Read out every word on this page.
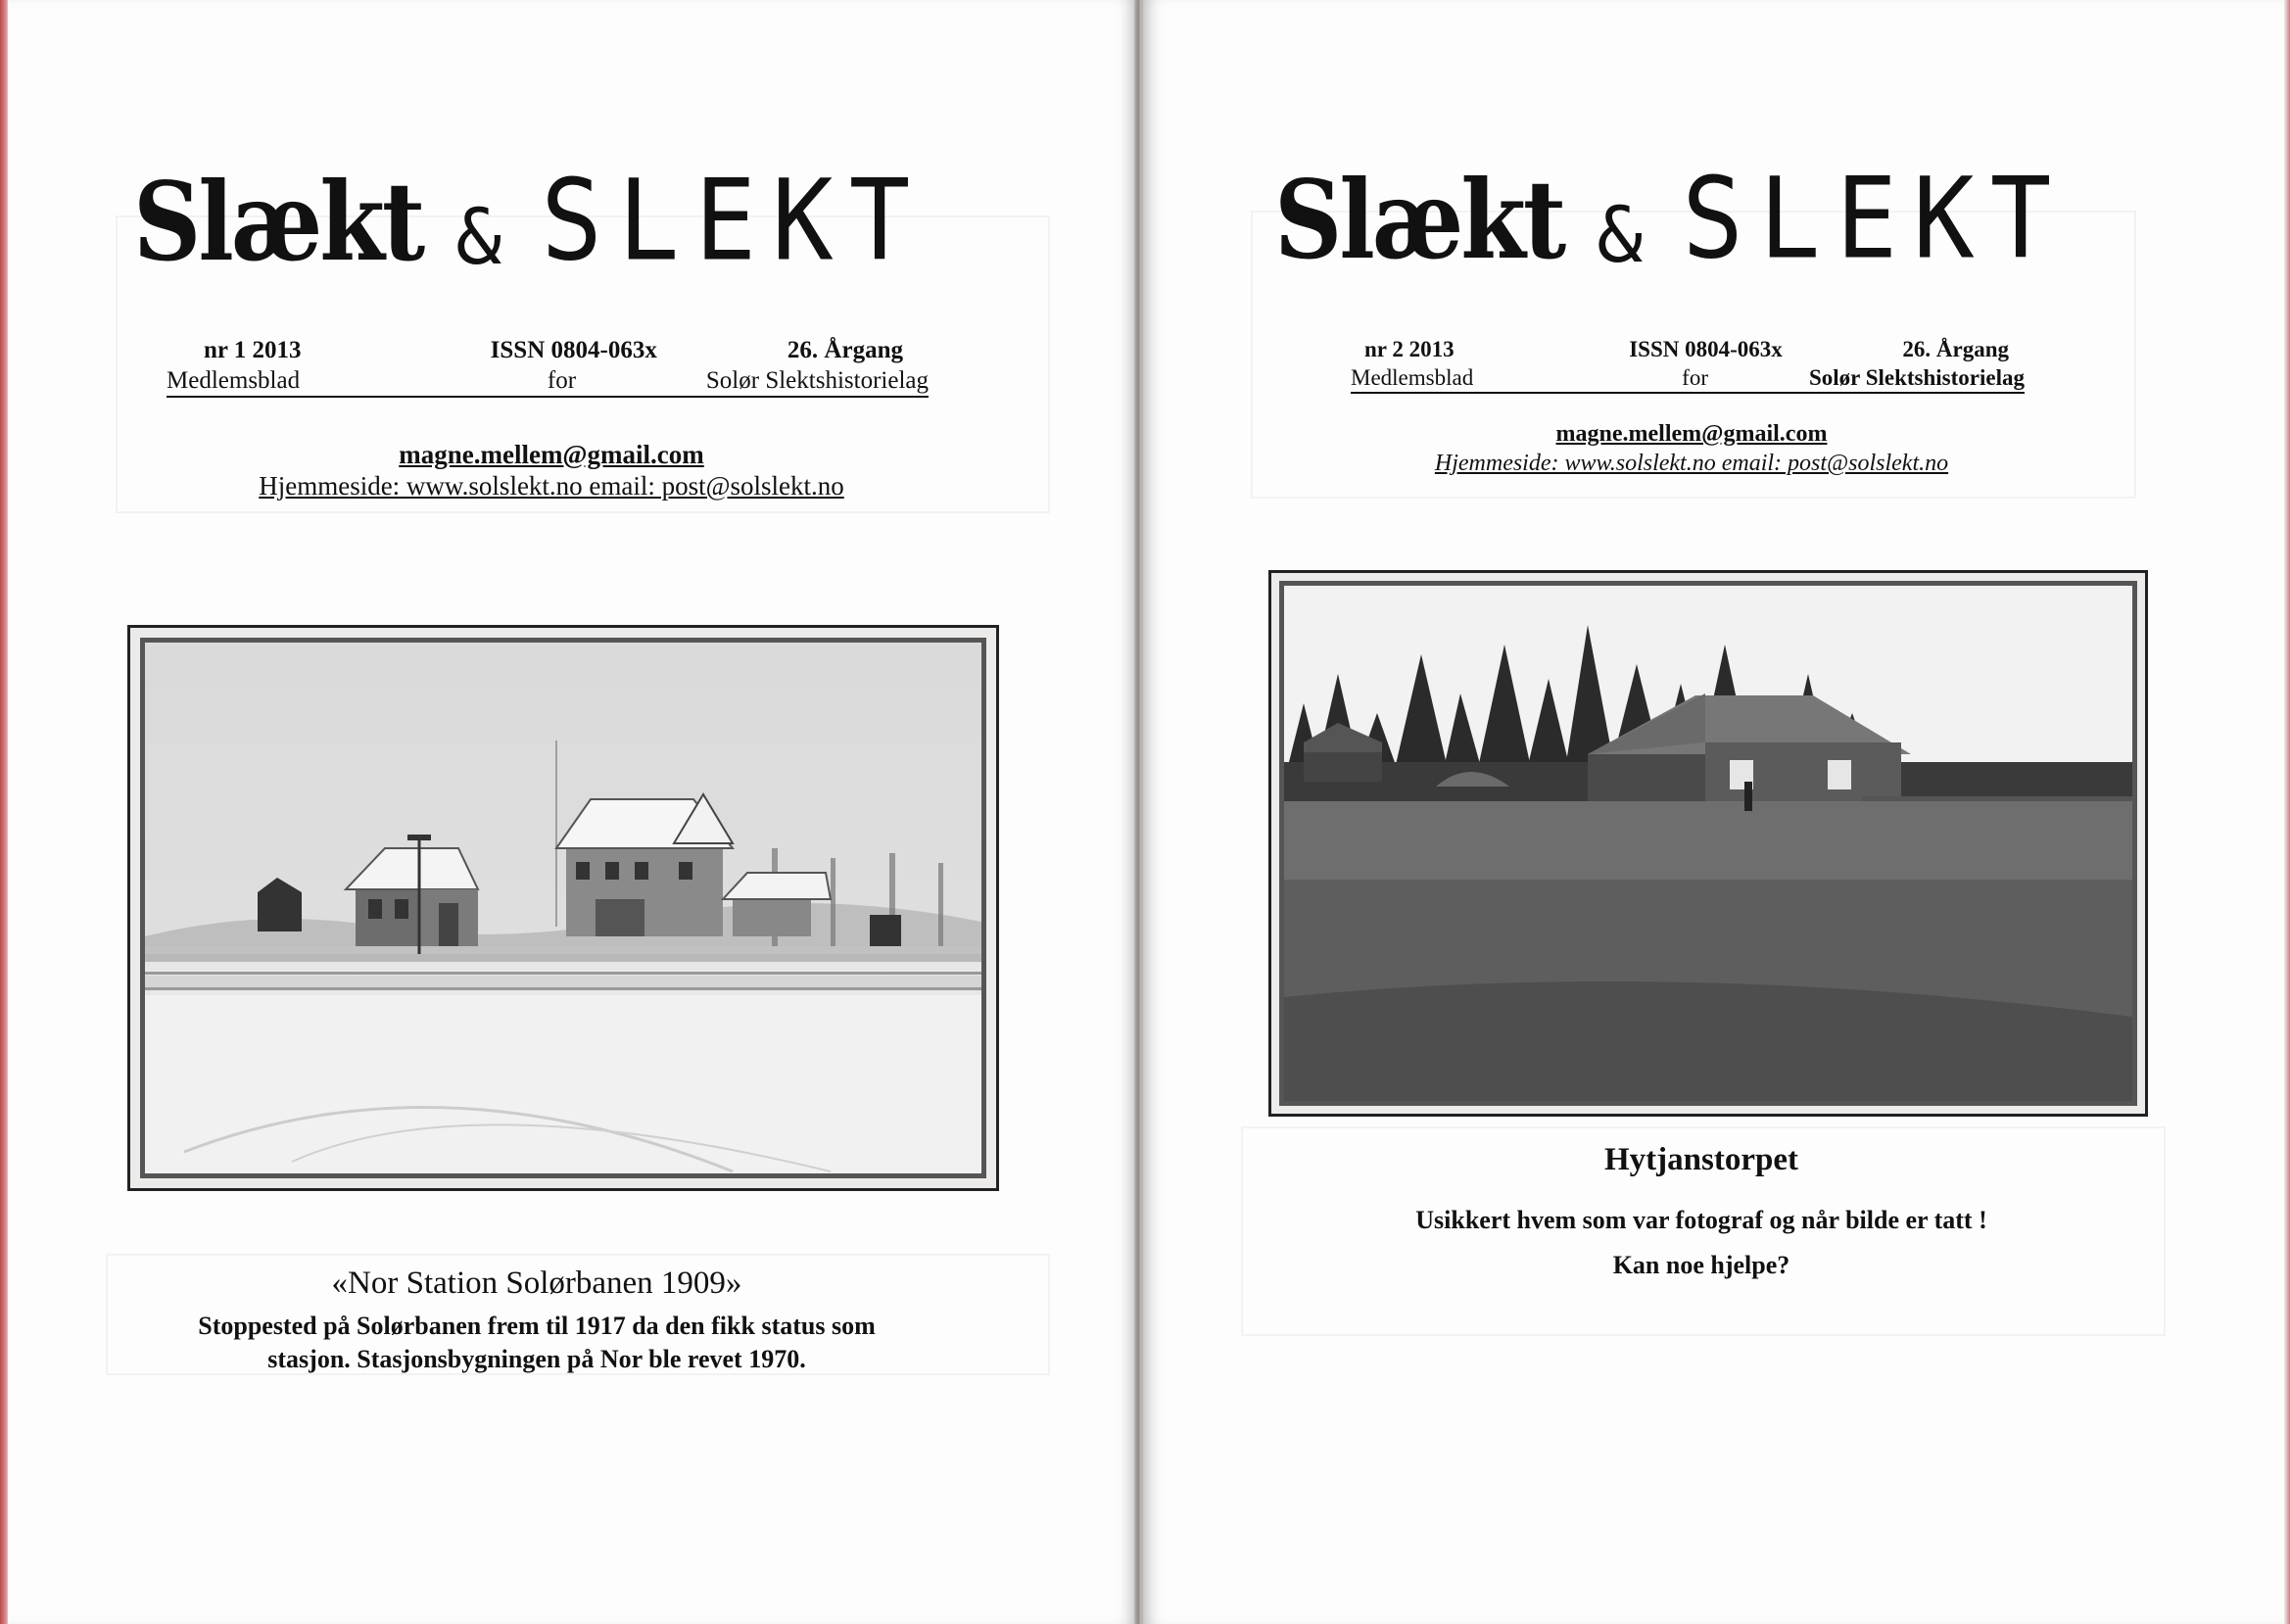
Slækt & SLEKT
nr 1 2013	ISSN 0804-063x	26. Årgang
Medlemsblad	for	Solør Slektshistorielag
magne.mellem@gmail.com
Hjemmeside: www.solslekt.no email: post@solslekt.no
«Nor Station Solørbanen 1909»
Stoppested på Solørbanen frem til 1917 da den fikk status som
stasjon. Stasjonsbygningen på Nor ble revet 1970.
Slækt & SLEKT
nr 2 2013	ISSN 0804-063x	26. Årgang
Medlemsblad	for	Solør Slektshistorielag
magne.mellem@gmail.com
Hjemmeside: www.solslekt.no email: post@solslekt.no
Hytjanstorpet
Usikkert hvem som var fotograf og når bilde er tatt !
Kan noe hjelpe?
